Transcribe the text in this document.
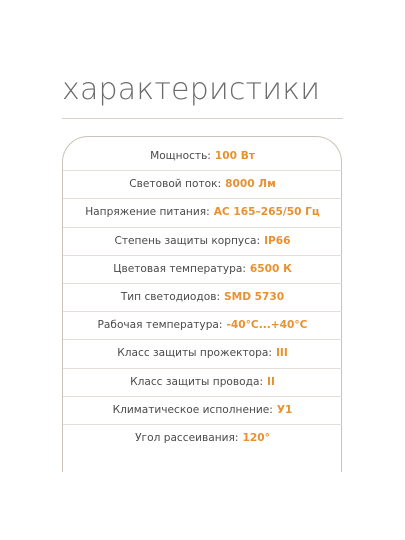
характеристики
Мощность: 100 Вт
Световой поток: 8000 Лм
Напряжение питания: AC 165–265/50 Гц
Степень защиты корпуса: IP66
Цветовая температура: 6500 К
Тип светодиодов: SMD 5730
Рабочая температура: -40°С...+40°С
Класс защиты прожектора: III
Класс защиты провода: II
Климатическое исполнение: У1
Угол рассеивания: 120°
